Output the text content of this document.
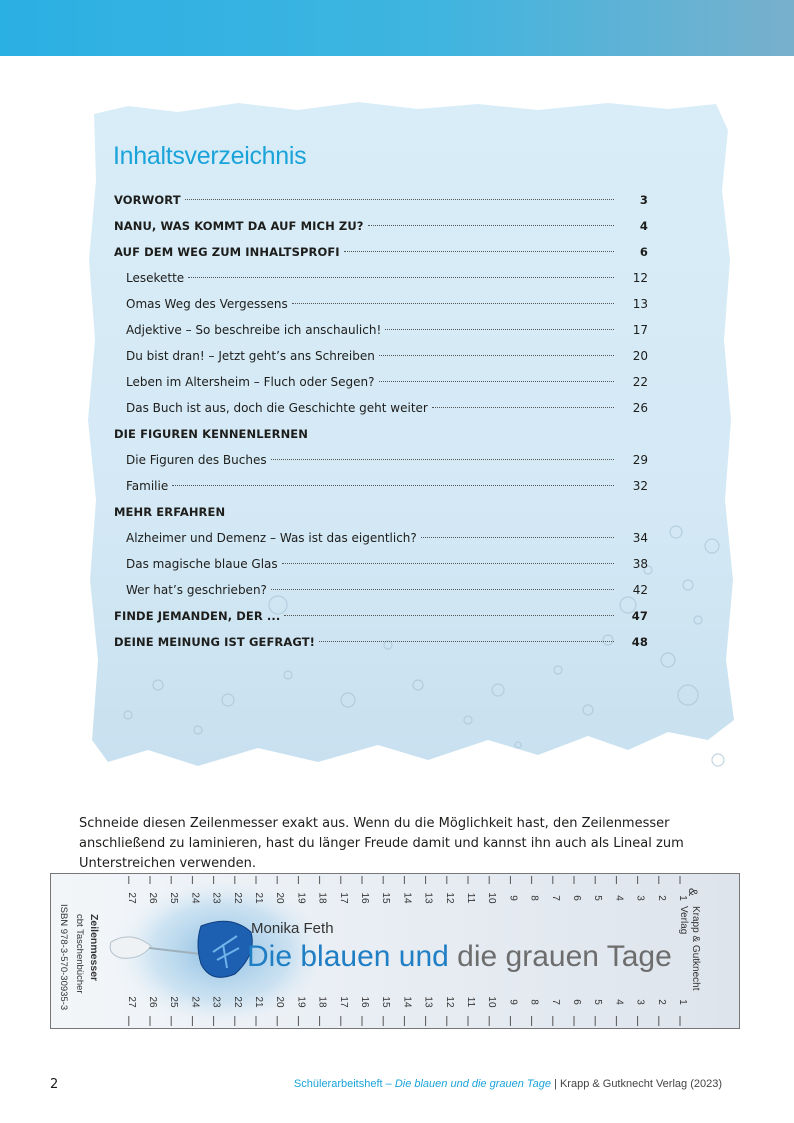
Inhaltsverzeichnis
VORWORT	3
NANU, WAS KOMMT DA AUF MICH ZU?	4
AUF DEM WEG ZUM INHALTSPROFI	6
Lesekette	12
Omas Weg des Vergessens	13
Adjektive – So beschreibe ich anschaulich!	17
Du bist dran! – Jetzt geht’s ans Schreiben	20
Leben im Altersheim – Fluch oder Segen?	22
Das Buch ist aus, doch die Geschichte geht weiter	26
DIE FIGUREN KENNENLERNEN
Die Figuren des Buches	29
Familie	32
MEHR ERFAHREN
Alzheimer und Demenz – Was ist das eigentlich?	34
Das magische blaue Glas	38
Wer hat’s geschrieben?	42
FINDE JEMANDEN, DER ...	47
DEINE MEINUNG IST GEFRAGT!	48

Schneide diesen Zeilenmesser exakt aus. Wenn du die Möglichkeit hast, den Zeilenmesser anschließend zu laminieren, hast du länger Freude damit und kannst ihn auch als Lineal zum Unterstreichen verwenden.

1
1
2
2
3
3
4
4
5
5
6
6
7
7
8
8
9
9
10
10
11
11
12
12
13
13
14
14
15
15
16
16
17
17
18
18
19
19
20
20
21
21
22
22
23
23
24
24
25
25
26
26
27
27
Monika Feth
Die blauen und die grauen Tage
&
Krapp & Gutknecht Verlag
Zeilenmesser
cbt Taschenbücher
ISBN 978-3-570-30935-3
2	Schülerarbeitsheft – Die blauen und die grauen Tage | Krapp & Gutknecht Verlag (2023)
